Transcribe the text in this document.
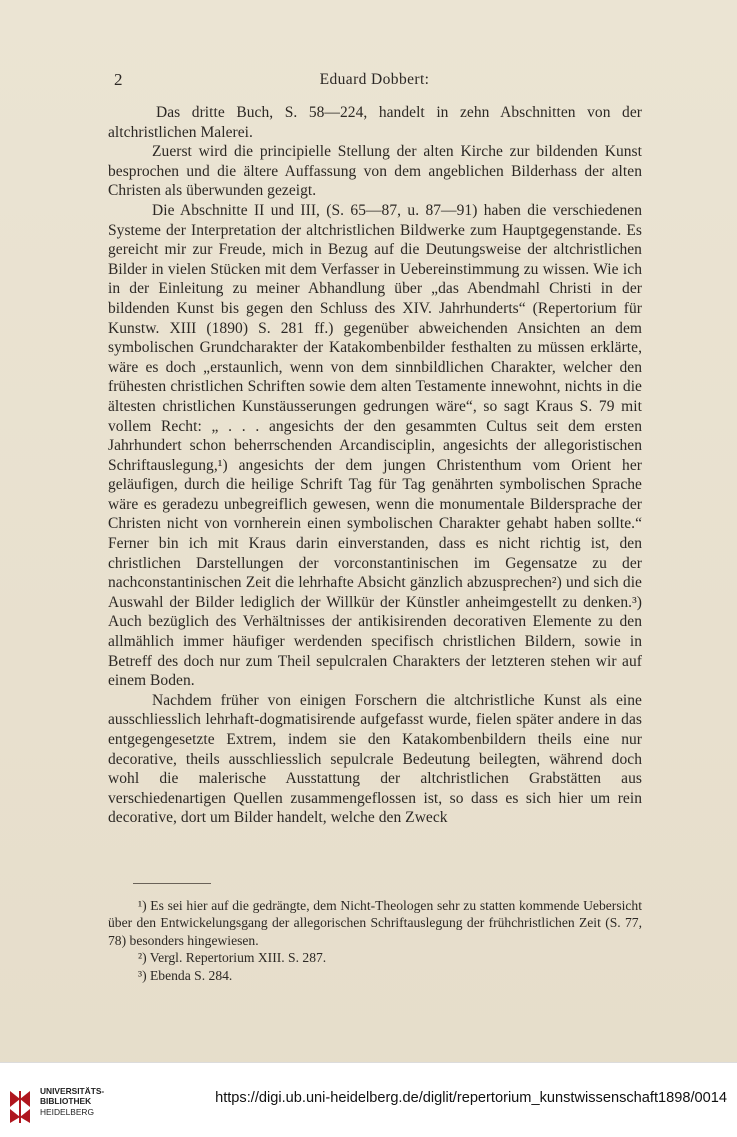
2	Eduard Dobbert:

Das dritte Buch, S. 58—224, handelt in zehn Abschnitten von der altchristlichen Malerei.

Zuerst wird die principielle Stellung der alten Kirche zur bildenden Kunst besprochen und die ältere Auffassung von dem angeblichen Bilderhass der alten Christen als überwunden gezeigt.

Die Abschnitte II und III, (S. 65—87, u. 87—91) haben die verschiedenen Systeme der Interpretation der altchristlichen Bildwerke zum Hauptgegenstande. Es gereicht mir zur Freude, mich in Bezug auf die Deutungsweise der altchristlichen Bilder in vielen Stücken mit dem Verfasser in Uebereinstimmung zu wissen. Wie ich in der Einleitung zu meiner Abhandlung über „das Abendmahl Christi in der bildenden Kunst bis gegen den Schluss des XIV. Jahrhunderts“ (Repertorium für Kunstw. XIII (1890) S. 281 ff.) gegenüber abweichenden Ansichten an dem symbolischen Grundcharakter der Katakombenbilder festhalten zu müssen erklärte, wäre es doch „erstaunlich, wenn von dem sinnbildlichen Charakter, welcher den frühesten christlichen Schriften sowie dem alten Testamente innewohnt, nichts in die ältesten christlichen Kunstäusserungen gedrungen wäre“, so sagt Kraus S. 79 mit vollem Recht: „ . . . angesichts der den gesammten Cultus seit dem ersten Jahrhundert schon beherrschenden Arcandisciplin, angesichts der allegoristischen Schriftauslegung,¹) angesichts der dem jungen Christenthum vom Orient her geläufigen, durch die heilige Schrift Tag für Tag genährten symbolischen Sprache wäre es geradezu unbegreiflich gewesen, wenn die monumentale Bildersprache der Christen nicht von vornherein einen symbolischen Charakter gehabt haben sollte.“ Ferner bin ich mit Kraus darin einverstanden, dass es nicht richtig ist, den christlichen Darstellungen der vorconstantinischen im Gegensatze zu der nachconstantinischen Zeit die lehrhafte Absicht gänzlich abzusprechen²) und sich die Auswahl der Bilder lediglich der Willkür der Künstler anheimgestellt zu denken.³) Auch bezüglich des Verhältnisses der antikisirenden decorativen Elemente zu den allmählich immer häufiger werdenden specifisch christlichen Bildern, sowie in Betreff des doch nur zum Theil sepulcralen Charakters der letzteren stehen wir auf einem Boden.

Nachdem früher von einigen Forschern die altchristliche Kunst als eine ausschliesslich lehrhaft-dogmatisirende aufgefasst wurde, fielen später andere in das entgegengesetzte Extrem, indem sie den Katakombenbildern theils eine nur decorative, theils ausschliesslich sepulcrale Bedeutung beilegten, während doch wohl die malerische Ausstattung der altchristlichen Grabstätten aus verschiedenartigen Quellen zusammengeflossen ist, so dass es sich hier um rein decorative, dort um Bilder handelt, welche den Zweck

¹) Es sei hier auf die gedrängte, dem Nicht-Theologen sehr zu statten kommende Uebersicht über den Entwickelungsgang der allegorischen Schriftauslegung der frühchristlichen Zeit (S. 77, 78) besonders hingewiesen.

²) Vergl. Repertorium XIII. S. 287.

³) Ebenda S. 284.

UNIVERSITÄTS-
BIBLIOTHEK
HEIDELBERG
https://digi.ub.uni-heidelberg.de/diglit/repertorium_kunstwissenschaft1898/0014
